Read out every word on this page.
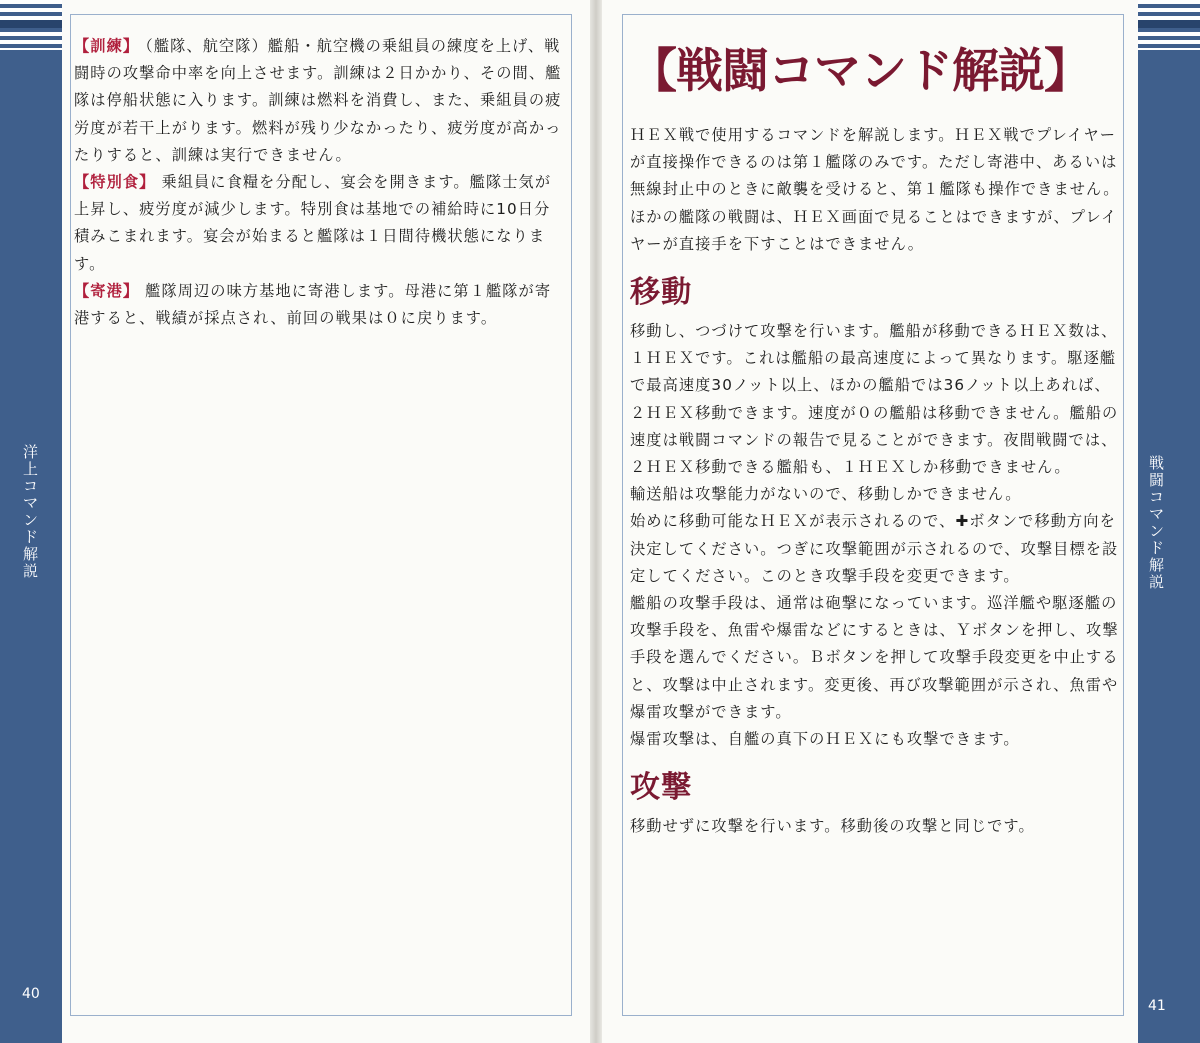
洋上コマンド解説
40
戦闘コマンド解説
41

【訓練】 （艦隊、航空隊）艦船・航空機の乗組員の練度を上げ、戦闘時の攻撃命中率を向上させます。訓練は２日かかり、その間、艦隊は停船状態に入ります。訓練は燃料を消費し、また、乗組員の疲労度が若干上がります。燃料が残り少なかったり、疲労度が高かったりすると、訓練は実行できません。

【特別食】 乗組員に食糧を分配し、宴会を開きます。艦隊士気が上昇し、疲労度が減少します。特別食は基地での補給時に10日分積みこまれます。宴会が始まると艦隊は１日間待機状態になります。

【寄港】 艦隊周辺の味方基地に寄港します。母港に第１艦隊が寄港すると、戦績が採点され、前回の戦果は０に戻ります。

【戦闘コマンド解説】

ＨＥＸ戦で使用するコマンドを解説します。ＨＥＸ戦でプレイヤーが直接操作できるのは第１艦隊のみです。ただし寄港中、あるいは無線封止中のときに敵襲を受けると、第１艦隊も操作できません。ほかの艦隊の戦闘は、ＨＥＸ画面で見ることはできますが、プレイヤーが直接手を下すことはできません。

移動

移動し、つづけて攻撃を行います。艦船が移動できるＨＥＸ数は、１ＨＥＸです。これは艦船の最高速度によって異なります。駆逐艦で最高速度30ノット以上、ほかの艦船では36ノット以上あれば、２ＨＥＸ移動できます。速度が０の艦船は移動できません。艦船の速度は戦闘コマンドの報告で見ることができます。夜間戦闘では、２ＨＥＸ移動できる艦船も、１ＨＥＸしか移動できません。

輸送船は攻撃能力がないので、移動しかできません。

始めに移動可能なＨＥＸが表示されるので、✚ボタンで移動方向を決定してください。つぎに攻撃範囲が示されるので、攻撃目標を設定してください。このとき攻撃手段を変更できます。

艦船の攻撃手段は、通常は砲撃になっています。巡洋艦や駆逐艦の攻撃手段を、魚雷や爆雷などにするときは、Ｙボタンを押し、攻撃手段を選んでください。Ｂボタンを押して攻撃手段変更を中止すると、攻撃は中止されます。変更後、再び攻撃範囲が示され、魚雷や爆雷攻撃ができます。

爆雷攻撃は、自艦の真下のＨＥＸにも攻撃できます。

攻撃

移動せずに攻撃を行います。移動後の攻撃と同じです。
